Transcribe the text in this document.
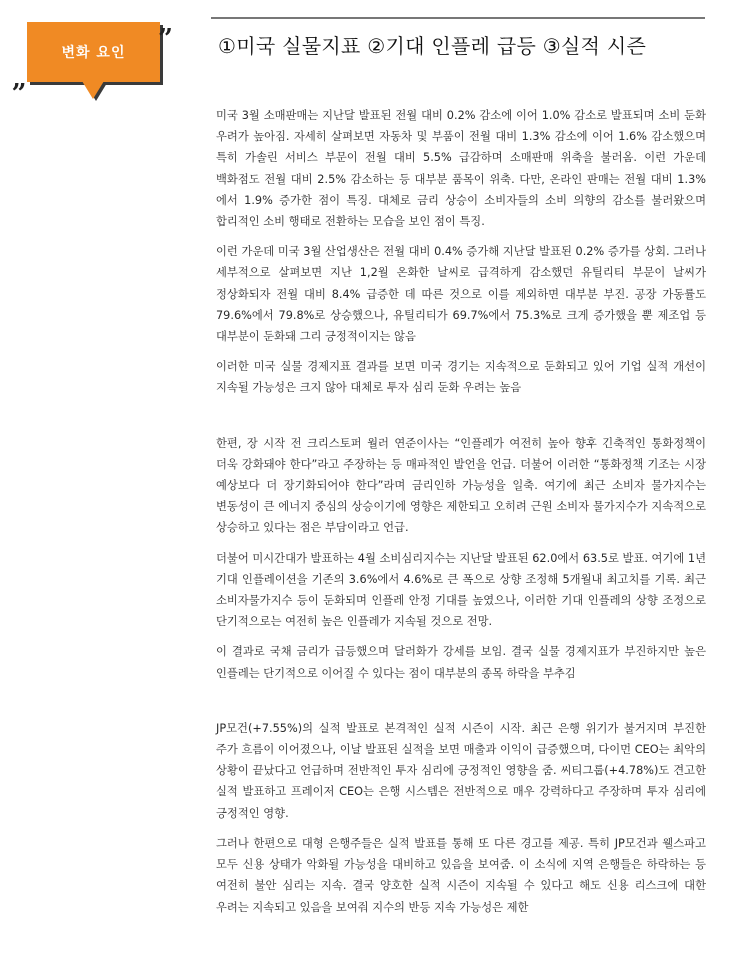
변화 요인	”
„
①미국 실물지표 ②기대 인플레 급등 ③실적 시즌

미국 3월 소매판매는 지난달 발표된 전월 대비 0.2% 감소에 이어 1.0% 감소로 발표되며 소비 둔화 우려가 높아짐. 자세히 살펴보면 자동차 및 부품이 전월 대비 1.3% 감소에 이어 1.6% 감소했으며 특히 가솔린 서비스 부문이 전월 대비 5.5% 급감하며 소매판매 위축을 불러옴. 이런 가운데 백화점도 전월 대비 2.5% 감소하는 등 대부분 품목이 위축. 다만, 온라인 판매는 전월 대비 1.3%에서 1.9% 증가한 점이 특징. 대체로 금리 상승이 소비자들의 소비 의향의 감소를 불러왔으며 합리적인 소비 행태로 전환하는 모습을 보인 점이 특징.

이런 가운데 미국 3월 산업생산은 전월 대비 0.4% 증가해 지난달 발표된 0.2% 증가를 상회. 그러나 세부적으로 살펴보면 지난 1,2월 온화한 날씨로 급격하게 감소했던 유틸리티 부문이 날씨가 정상화되자 전월 대비 8.4% 급증한 데 따른 것으로 이를 제외하면 대부분 부진. 공장 가동률도 79.6%에서 79.8%로 상승했으나, 유틸리티가 69.7%에서 75.3%로 크게 증가했을 뿐 제조업 등 대부분이 둔화돼 그리 긍정적이지는 않음

이러한 미국 실물 경제지표 결과를 보면 미국 경기는 지속적으로 둔화되고 있어 기업 실적 개선이 지속될 가능성은 크지 않아 대체로 투자 심리 둔화 우려는 높음

한편, 장 시작 전 크리스토퍼 월러 연준이사는 “인플레가 여전히 높아 향후 긴축적인 통화정책이 더욱 강화돼야 한다”라고 주장하는 등 매파적인 발언을 언급. 더불어 이러한 “통화정책 기조는 시장 예상보다 더 장기화되어야 한다”라며 금리인하 가능성을 일축. 여기에 최근 소비자 물가지수는 변동성이 큰 에너지 중심의 상승이기에 영향은 제한되고 오히려 근원 소비자 물가지수가 지속적으로 상승하고 있다는 점은 부담이라고 언급.

더불어 미시간대가 발표하는 4월 소비심리지수는 지난달 발표된 62.0에서 63.5로 발표. 여기에 1년 기대 인플레이션을 기존의 3.6%에서 4.6%로 큰 폭으로 상향 조정해 5개월내 최고치를 기록. 최근 소비자물가지수 등이 둔화되며 인플레 안정 기대를 높였으나, 이러한 기대 인플레의 상향 조정으로 단기적으로는 여전히 높은 인플레가 지속될 것으로 전망.

이 결과로 국채 금리가 급등했으며 달러화가 강세를 보임. 결국 실물 경제지표가 부진하지만 높은 인플레는 단기적으로 이어질 수 있다는 점이 대부분의 종목 하락을 부추김

JP모건(+7.55%)의 실적 발표로 본격적인 실적 시즌이 시작. 최근 은행 위기가 불거지며 부진한 주가 흐름이 이어졌으나, 이날 발표된 실적을 보면 매출과 이익이 급증했으며, 다이먼 CEO는 최악의 상황이 끝났다고 언급하며 전반적인 투자 심리에 긍정적인 영향을 줌. 씨티그룹(+4.78%)도 견고한 실적 발표하고 프레이저 CEO는 은행 시스템은 전반적으로 매우 강력하다고 주장하며 투자 심리에 긍정적인 영향.

그러나 한편으로 대형 은행주들은 실적 발표를 통해 또 다른 경고를 제공. 특히 JP모건과 웰스파고 모두 신용 상태가 악화될 가능성을 대비하고 있음을 보여줌. 이 소식에 지역 은행들은 하락하는 등 여전히 불안 심리는 지속. 결국 양호한 실적 시즌이 지속될 수 있다고 해도 신용 리스크에 대한 우려는 지속되고 있음을 보여줘 지수의 반등 지속 가능성은 제한
